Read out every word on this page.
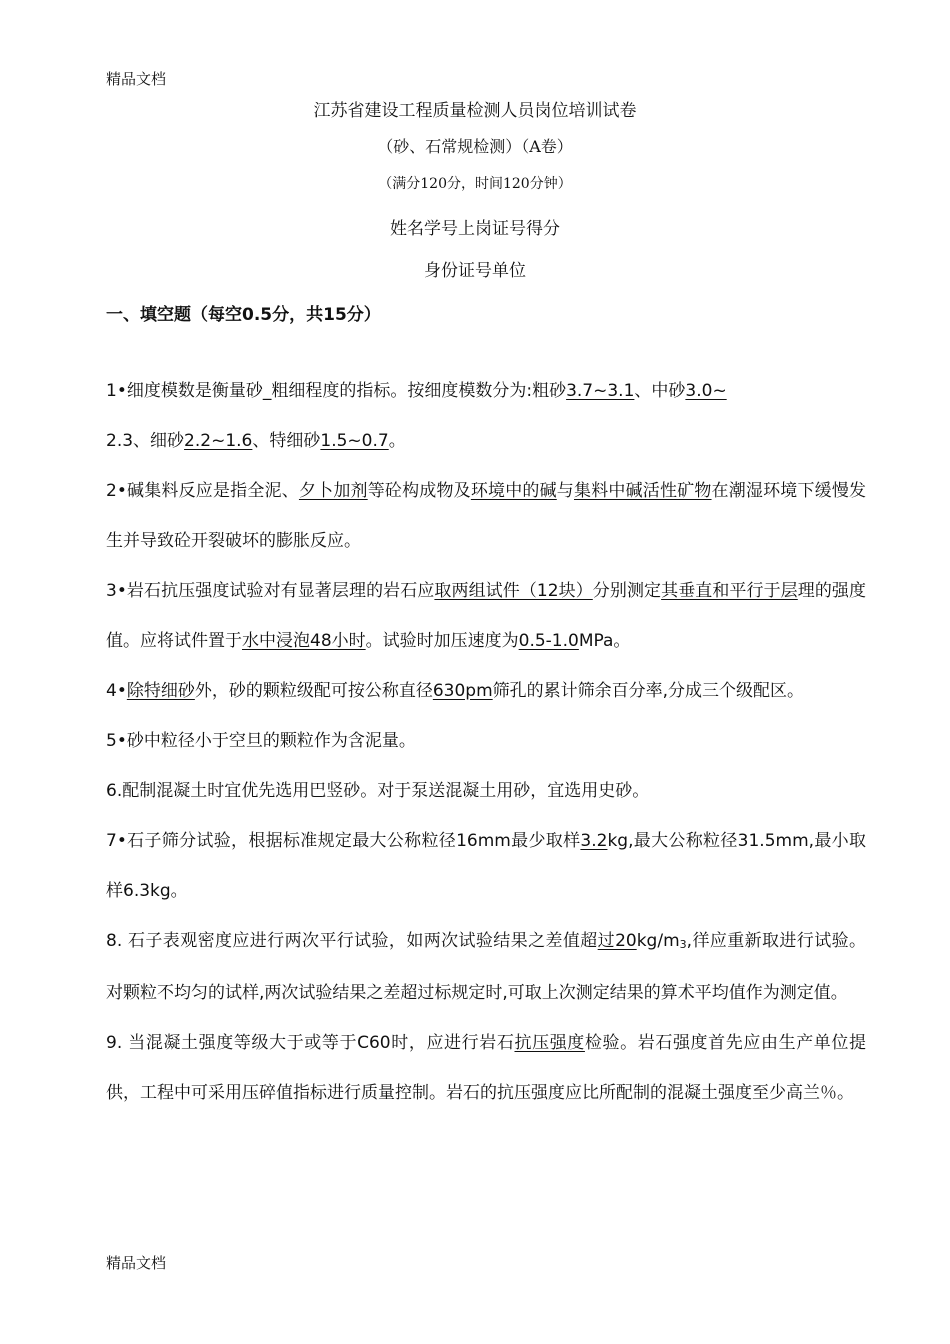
精品文档
江苏省建设工程质量检测人员岗位培训试卷
（砂、石常规检测）（A卷）
（满分120分，时间120分钟）
姓名学号上岗证号得分
身份证号单位
一、填空题（每空0.5分，共15分）

1•细度模数是衡量砂_粗细程度的指标。按细度模数分为:粗砂3.7~3.1、中砂3.0~
2.3、细砂2.2~1.6、特细砂1.5~0.7。

2•碱集料反应是指全泥、夕卜加剂等砼构成物及环境中的碱与集料中碱活性矿物在潮湿环境下缓慢发生并导致砼开裂破坏的膨胀反应。

3•岩石抗压强度试验对有显著层理的岩石应取两组试件（12块）分别测定其垂直和平行于层理的强度值。应将试件置于水中浸泡48小时。试验时加压速度为0.5-1.0MPa。

4•除特细砂外，砂的颗粒级配可按公称直径630pm筛孔的累计筛余百分率,分成三个级配区。

5•砂中粒径小于空旦的颗粒作为含泥量。

6.配制混凝土时宜优先选用巴竖砂。对于泵送混凝土用砂，宜选用史砂。

7•石子筛分试验，根据标准规定最大公称粒径16mm最少取样3.2kg,最大公称粒径31.5mm,最小取样6.3kg。

8. 石子表观密度应进行两次平行试验，如两次试验结果之差值超过$20kg/m_3$,徉应重新取进行试验。对颗粒不均匀的试样,两次试验结果之差超过标规定时,可取上次测定结果的算术平均值作为测定值。

9. 当混凝土强度等级大于或等于C60时，应进行岩石抗压强度检验。岩石强度首先应由生产单位提供，工程中可采用压碎值指标进行质量控制。岩石的抗压强度应比所配制的混凝土强度至少高兰％。

精品文档
